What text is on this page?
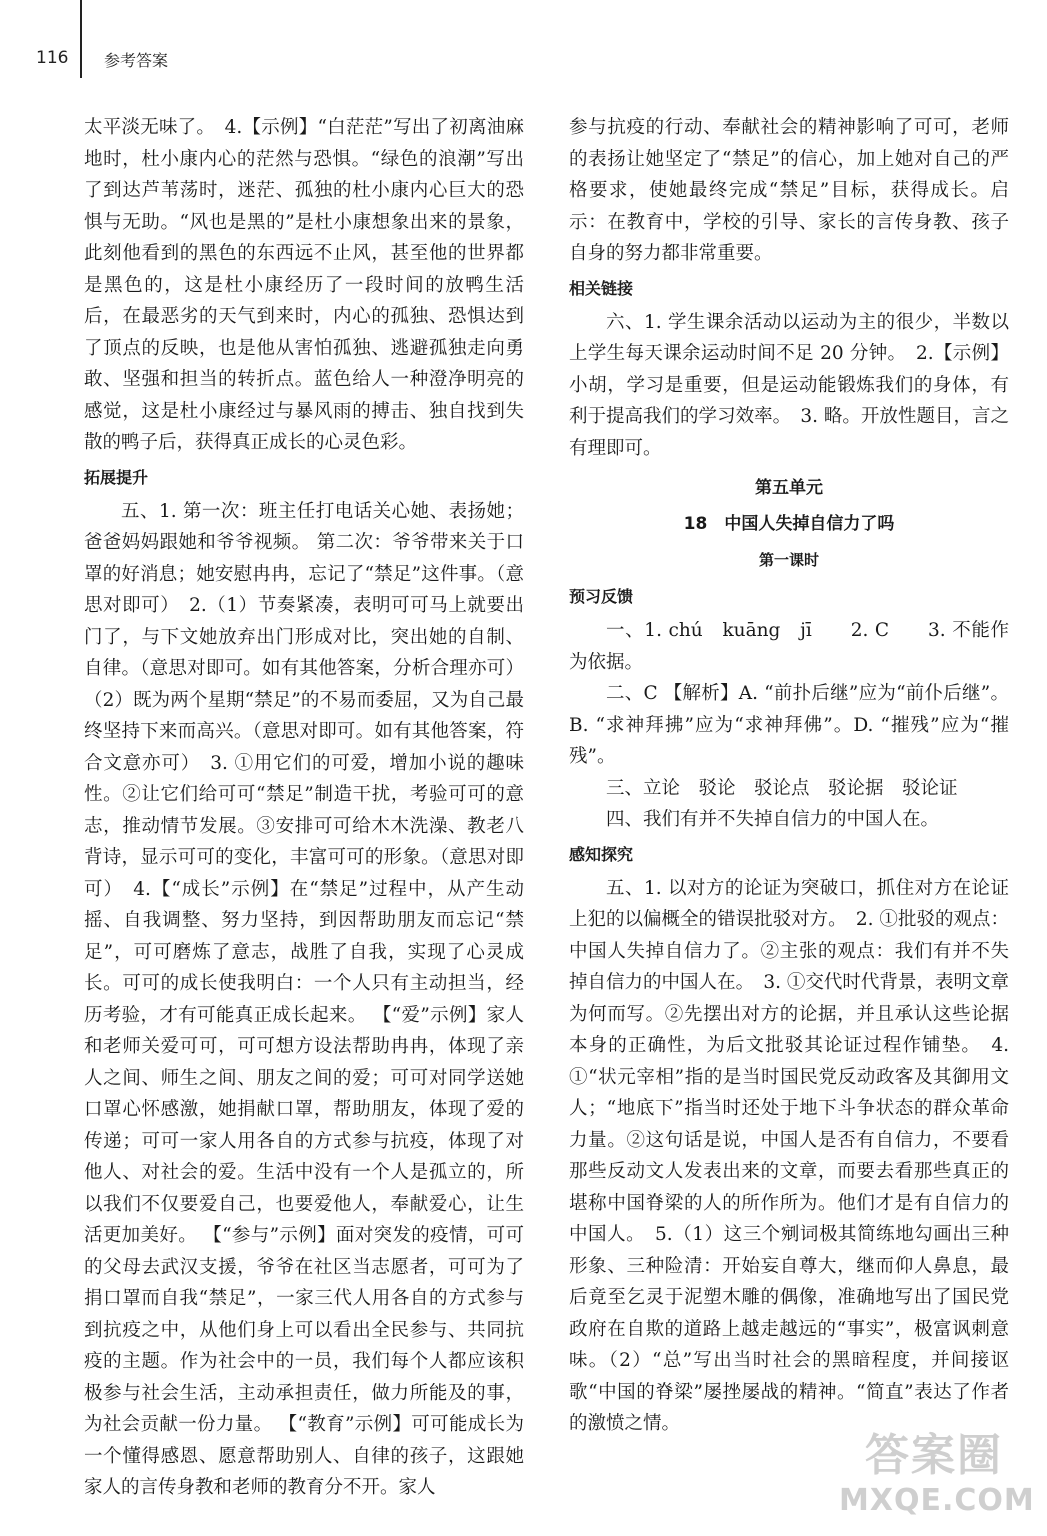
116 参考答案

太平淡无味了。　4.【示例】“白茫茫”写出了初离油麻地时，杜小康内心的茫然与恐惧。“绿色的浪潮”写出了到达芦苇荡时，迷茫、孤独的杜小康内心巨大的恐惧与无助。“风也是黑的”是杜小康想象出来的景象，此刻他看到的黑色的东西远不止风，甚至他的世界都是黑色的，这是杜小康经历了一段时间的放鸭生活后，在最恶劣的天气到来时，内心的孤独、恐惧达到了顶点的反映，也是他从害怕孤独、逃避孤独走向勇敢、坚强和担当的转折点。蓝色给人一种澄净明亮的感觉，这是杜小康经过与暴风雨的搏击、独自找到失散的鸭子后，获得真正成长的心灵色彩。

拓展提升

五、1. 第一次：班主任打电话关心她、表扬她；爸爸妈妈跟她和爷爷视频。 第二次：爷爷带来关于口罩的好消息；她安慰冉冉，忘记了“禁足”这件事。（意思对即可）　2.（1）节奏紧凑，表明可可马上就要出门了，与下文她放弃出门形成对比，突出她的自制、自律。（意思对即可。如有其他答案，分析合理亦可）（2）既为两个星期“禁足”的不易而委屈，又为自己最终坚持下来而高兴。（意思对即可。如有其他答案，符合文意亦可）　3. ①用它们的可爱，增加小说的趣味性。②让它们给可可“禁足”制造干扰，考验可可的意志，推动情节发展。③安排可可给木木洗澡、教老八背诗，显示可可的变化，丰富可可的形象。（意思对即可）　4.【“成长”示例】在“禁足”过程中，从产生动摇、自我调整、努力坚持，到因帮助朋友而忘记“禁足”，可可磨炼了意志，战胜了自我，实现了心灵成长。可可的成长使我明白：一个人只有主动担当，经历考验，才有可能真正成长起来。 【“爱”示例】家人和老师关爱可可，可可想方设法帮助冉冉，体现了亲人之间、师生之间、朋友之间的爱；可可对同学送她口罩心怀感激，她捐献口罩，帮助朋友，体现了爱的传递；可可一家人用各自的方式参与抗疫，体现了对他人、对社会的爱。生活中没有一个人是孤立的，所以我们不仅要爱自己，也要爱他人，奉献爱心，让生活更加美好。 【“参与”示例】面对突发的疫情，可可的父母去武汉支援，爷爷在社区当志愿者，可可为了捐口罩而自我“禁足”，一家三代人用各自的方式参与到抗疫之中，从他们身上可以看出全民参与、共同抗疫的主题。作为社会中的一员，我们每个人都应该积极参与社会生活，主动承担责任，做力所能及的事，为社会贡献一份力量。 【“教育”示例】可可能成长为一个懂得感恩、愿意帮助别人、自律的孩子，这跟她家人的言传身教和老师的教育分不开。家人

参与抗疫的行动、奉献社会的精神影响了可可，老师的表扬让她坚定了“禁足”的信心，加上她对自己的严格要求，使她最终完成“禁足”目标，获得成长。启示：在教育中，学校的引导、家长的言传身教、孩子自身的努力都非常重要。

相关链接

六、1. 学生课余活动以运动为主的很少，半数以上学生每天课余运动时间不足 20 分钟。　2.【示例】小胡，学习是重要，但是运动能锻炼我们的身体，有利于提高我们的学习效率。　3. 略。开放性题目，言之有理即可。

第五单元
18　中国人失掉自信力了吗
第一课时
预习反馈

一、1. chú　kuāng　jī　　2. C　　3. 不能作为依据。

二、C 【解析】A. “前扑后继”应为“前仆后继”。B. “求神拜拂”应为“求神拜佛”。D. “摧残”应为“摧残”。

三、立论　驳论　驳论点　驳论据　驳论证

四、我们有并不失掉自信力的中国人在。

感知探究

五、1. 以对方的论证为突破口，抓住对方在论证上犯的以偏概全的错误批驳对方。　2. ①批驳的观点：中国人失掉自信力了。②主张的观点：我们有并不失掉自信力的中国人在。　3. ①交代时代背景，表明文章为何而写。②先摆出对方的论据，并且承认这些论据本身的正确性，为后文批驳其论证过程作铺垫。　4. ①“状元宰相”指的是当时国民党反动政客及其御用文人；“地底下”指当时还处于地下斗争状态的群众革命力量。②这句话是说，中国人是否有自信力，不要看那些反动文人发表出来的文章，而要去看那些真正的堪称中国脊梁的人的所作所为。他们才是有自信力的中国人。　5.（1）这三个剜词极其简练地勾画出三种形象、三种险清：开始妄自尊大，继而仰人鼻息，最后竟至乞灵于泥塑木雕的偶像，准确地写出了国民党政府在自欺的道路上越走越远的“事实”，极富讽刺意味。（2）“总”写出当时社会的黑暗程度，并间接讴歌“中国的脊梁”屡挫屡战的精神。“简直”表达了作者的激愤之情。

答案圈
MXQE.COM
